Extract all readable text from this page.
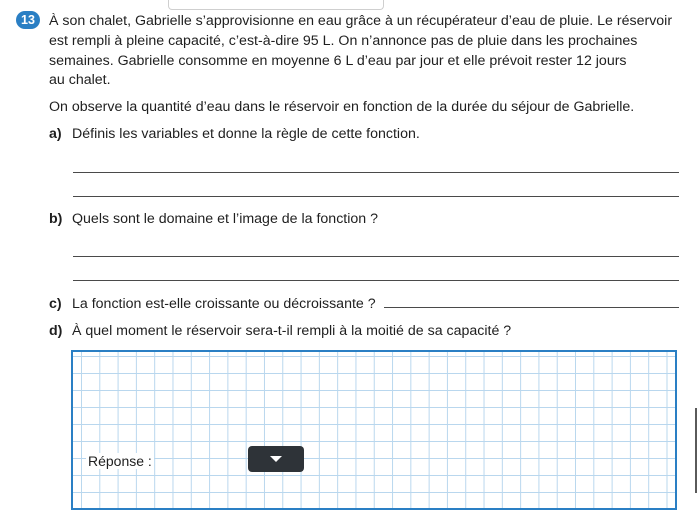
13 À son chalet, Gabrielle s’approvisionne en eau grâce à un récupérateur d’eau de pluie. Le réservoir
est rempli à pleine capacité, c’est-à-dire 95 L. On n’annonce pas de pluie dans les prochaines
semaines. Gabrielle consomme en moyenne 6 L d’eau par jour et elle prévoit rester 12 jours
au chalet.
On observe la quantité d’eau dans le réservoir en fonction de la durée du séjour de Gabrielle.
a) Définis les variables et donne la règle de cette fonction.
b) Quels sont le domaine et l’image de la fonction ?
c) La fonction est-elle croissante ou décroissante ?
d) À quel moment le réservoir sera-t-il rempli à la moitié de sa capacité ?
Réponse :
